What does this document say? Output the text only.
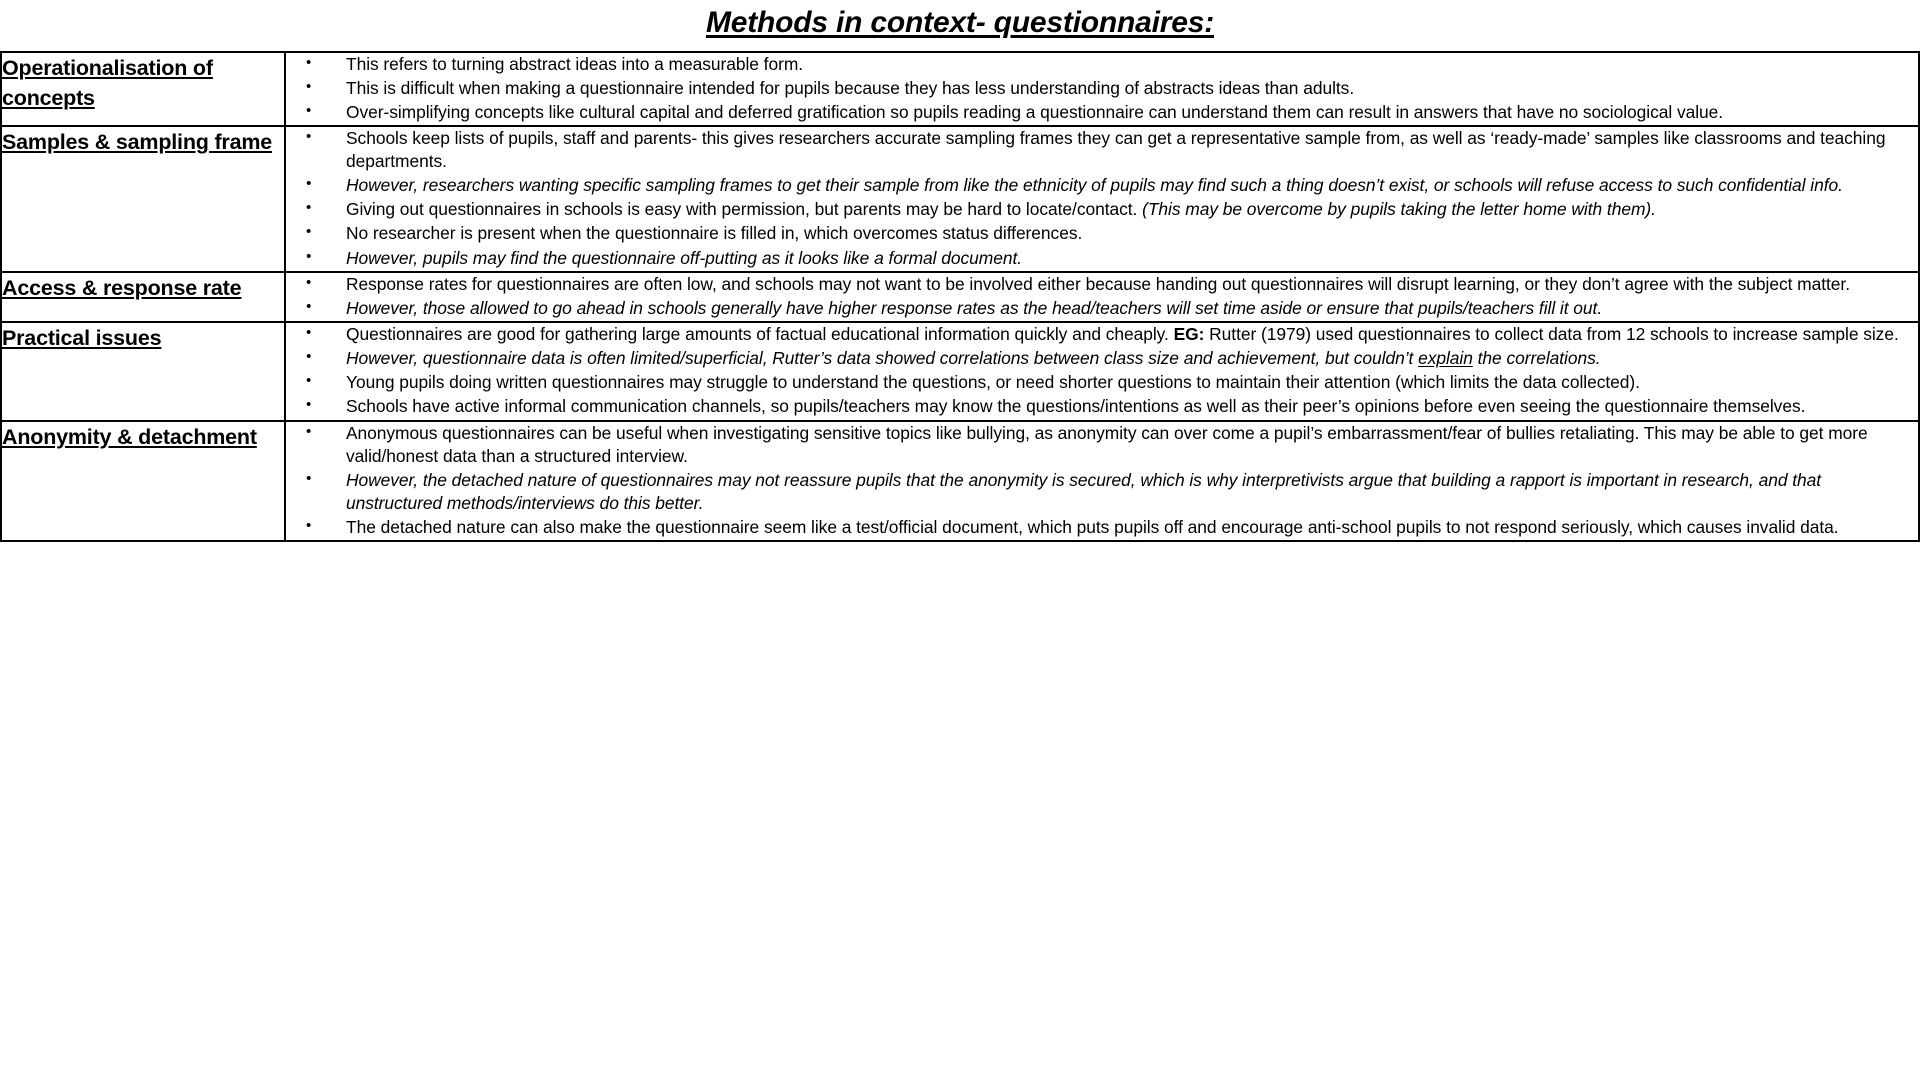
Methods in context- questionnaires:
Operationalisation of concepts

• This refers to turning abstract ideas into a measurable form.
• This is difficult when making a questionnaire intended for pupils because they has less understanding of abstracts ideas than adults.
• Over-simplifying concepts like cultural capital and deferred gratification so pupils reading a questionnaire can understand them can result in answers that have no sociological value.

Samples & sampling frame

•Schools keep lists of pupils, staff and parents- this gives researchers accurate sampling frames they can get a representative sample from, as well as ‘ready-made’ samples like classrooms and teaching departments.
• However, researchers wanting specific sampling frames to get their sample from like the ethnicity of pupils may find such a thing doesn’t exist, or schools will refuse access to such confidential info.
• Giving out questionnaires in schools is easy with permission, but parents may be hard to locate/contact. (This may be overcome by pupils taking the letter home with them).
• No researcher is present when the questionnaire is filled in, which overcomes status differences.
• However, pupils may find the questionnaire off-putting as it looks like a formal document.

Access & response rate

•Response rates for questionnaires are often low, and schools may not want to be involved either because handing out questionnaires will disrupt learning, or they don’t agree with the subject matter.
• However, those allowed to go ahead in schools generally have higher response rates as the head/teachers will set time aside or ensure that pupils/teachers fill it out.

Practical issues

•Questionnaires are good for gathering large amounts of factual educational information quickly and cheaply. EG: Rutter (1979) used questionnaires to collect data from 12 schools to increase sample size.
• However, questionnaire data is often limited/superficial, Rutter’s data showed correlations between class size and achievement, but couldn’t explain the correlations.
• Young pupils doing written questionnaires may struggle to understand the questions, or need shorter questions to maintain their attention (which limits the data collected).
• Schools have active informal communication channels, so pupils/teachers may know the questions/intentions as well as their peer’s opinions before even seeing the questionnaire themselves.

Anonymity & detachment

•Anonymous questionnaires can be useful when investigating sensitive topics like bullying, as anonymity can over come a pupil’s embarrassment/fear of bullies retaliating. This may be able to get more valid/honest data than a structured interview.
• However, the detached nature of questionnaires may not reassure pupils that the anonymity is secured, which is why interpretivists argue that building a rapport is important in research, and that unstructured methods/interviews do this better.
• The detached nature can also make the questionnaire seem like a test/official document, which puts pupils off and encourage anti-school pupils to not respond seriously, which causes invalid data.
